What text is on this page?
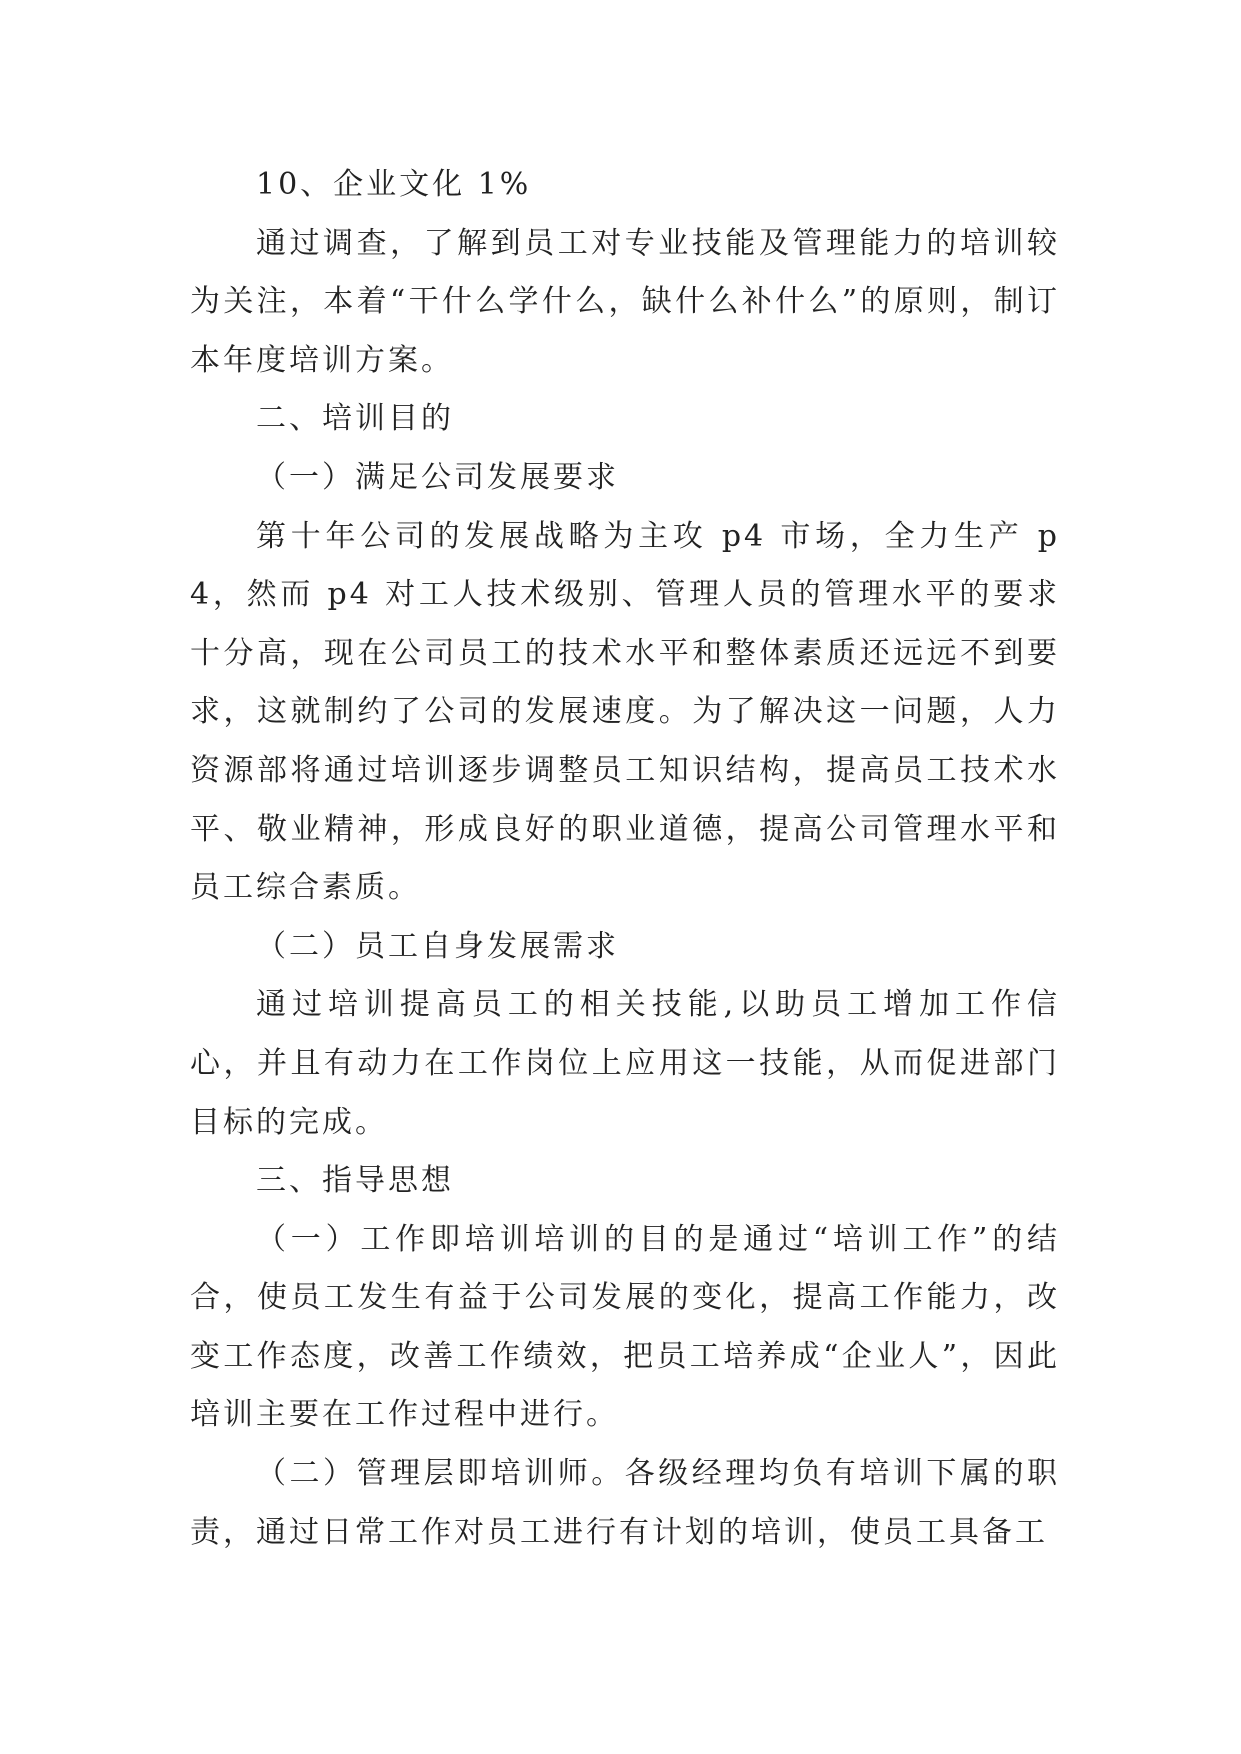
10、企业文化 1%

通过调查，了解到员工对专业技能及管理能力的培训较为关注，本着“干什么学什么，缺什么补什么”的原则，制订本年度培训方案。

二、培训目的

（一）满足公司发展要求

第十年公司的发展战略为主攻 p4 市场，全力生产 p4，然而 p4 对工人技术级别、管理人员的管理水平的要求十分高，现在公司员工的技术水平和整体素质还远远不到要求，这就制约了公司的发展速度。为了解决这一问题，人力资源部将通过培训逐步调整员工知识结构，提高员工技术水平、敬业精神，形成良好的职业道德，提高公司管理水平和员工综合素质。

（二）员工自身发展需求

通过培训提高员工的相关技能,以助员工增加工作信心，并且有动力在工作岗位上应用这一技能，从而促进部门目标的完成。

三、指导思想

（一）工作即培训培训的目的是通过“培训工作”的结合，使员工发生有益于公司发展的变化，提高工作能力，改变工作态度，改善工作绩效，把员工培养成“企业人”，因此培训主要在工作过程中进行。

（二）管理层即培训师。各级经理均负有培训下属的职责，通过日常工作对员工进行有计划的培训，使员工具备工
